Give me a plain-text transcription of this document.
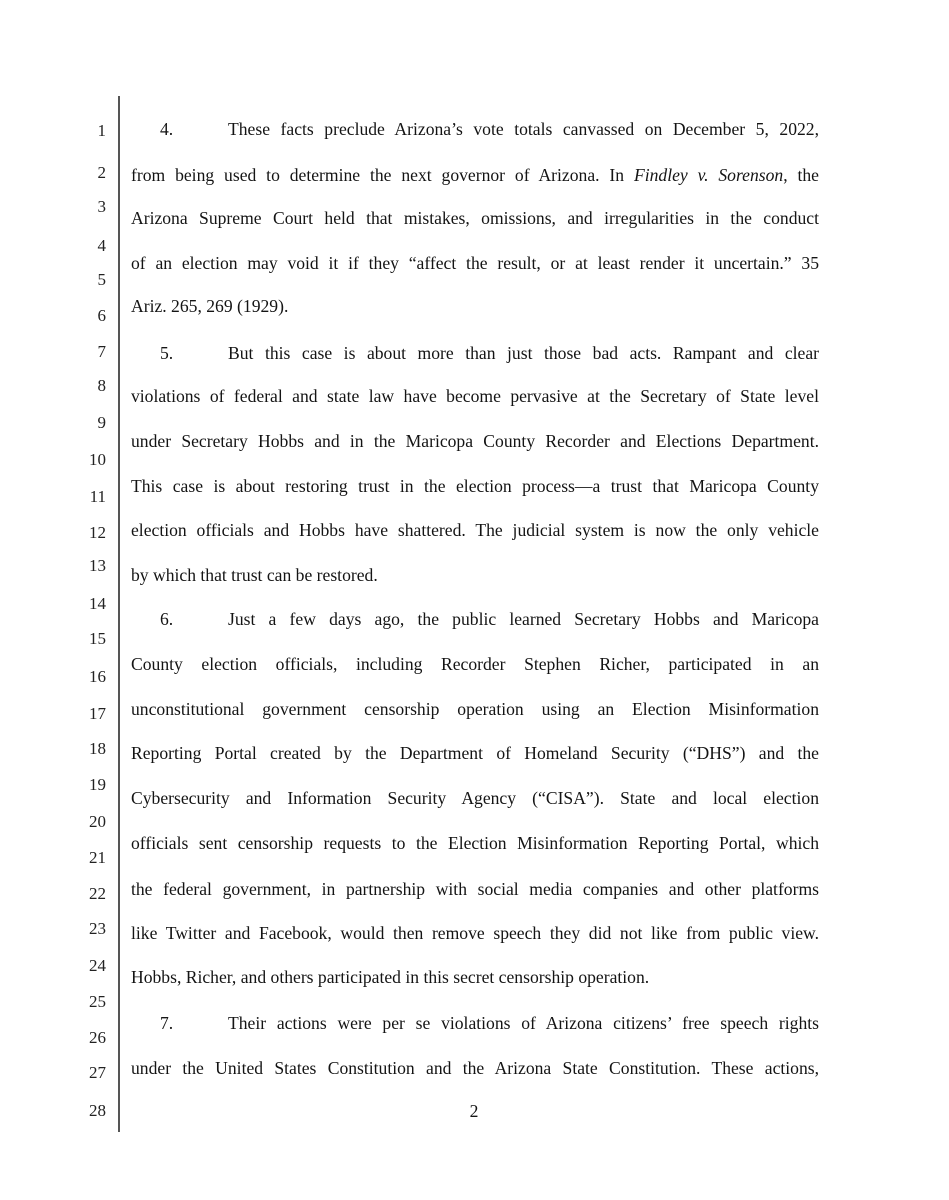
1
2
3
4
5
6
7
8
9
10
11
12
13
14
15
16
17
18
19
20
21
22
23
24
25
26
27
28
4.	These facts preclude Arizona’s vote totals canvassed on December 5, 2022,
from being used to determine the next governor of Arizona. In Findley v. Sorenson, the
Arizona Supreme Court held that mistakes, omissions, and irregularities in the conduct
of an election may void it if they “affect the result, or at least render it uncertain.” 35
Ariz. 265, 269 (1929).
5.	But this case is about more than just those bad acts. Rampant and clear
violations of federal and state law have become pervasive at the Secretary of State level
under Secretary Hobbs and in the Maricopa County Recorder and Elections Department.
This case is about restoring trust in the election process—a trust that Maricopa County
election officials and Hobbs have shattered. The judicial system is now the only vehicle
by which that trust can be restored.
6.	Just a few days ago, the public learned Secretary Hobbs and Maricopa
County election officials, including Recorder Stephen Richer, participated in an
unconstitutional government censorship operation using an Election Misinformation
Reporting Portal created by the Department of Homeland Security (“DHS”) and the
Cybersecurity and Information Security Agency (“CISA”). State and local election
officials sent censorship requests to the Election Misinformation Reporting Portal, which
the federal government, in partnership with social media companies and other platforms
like Twitter and Facebook, would then remove speech they did not like from public view.
Hobbs, Richer, and others participated in this secret censorship operation.
7.	Their actions were per se violations of Arizona citizens’ free speech rights
under the United States Constitution and the Arizona State Constitution. These actions,
2
